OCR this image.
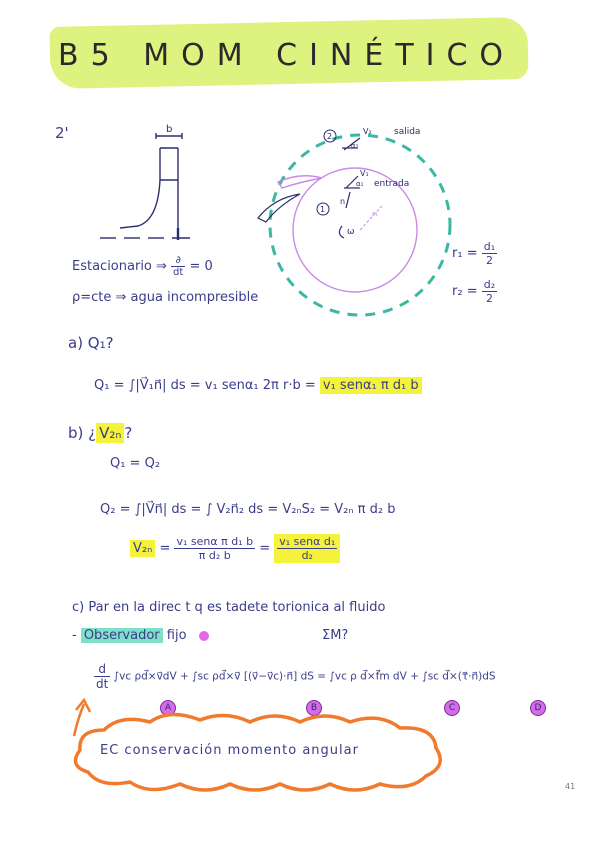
B5 MOM CINÉTICO
2'	b
1
2	salida
entrada
V₂
V₁
α₂
α₁
n
ω
r₁
Estacionario ⇒ $\frac{\partial}{dt} = 0$
ρ=cte ⇒ agua incompresible
$r_1 = \frac{\text{d₁}}{2}$
$r_2 = \frac{\text{d₂}}{2}$
a) Q₁?
Q₁ = ∫|V⃗₁n⃗| ds = v₁ senα₁ 2π r·b = v₁ senα₁ π d₁ b
b) ¿ V₂ₙ ?
Q₁ = Q₂
Q₂ = ∫|V⃗n⃗| ds = ∫ V₂n⃗₂ ds = V₂ₙS₂ = V₂ₙ π d₂ b
$V_{2n} = \frac{\text{v₁ senα π d₁ b}}{\text{π d₂ b}} = \frac{\text{v₁ senα d₁}}{\text{d₂}}$
c) Par en la direc t q es tadete torionica al fluido
- Observador fijo	ΣM?
$\frac{d}{dt} \int vc$ ρd⃗×v⃗dV + ∫sc ρd⃗×v⃗ [(v⃗−v⃗c)·n⃗] dS = ∫vc ρ d⃗×f⃗m dV + ∫sc d⃗×(τ⃗·n⃗)dS
A	B	C	D
EC conservación momento angular
41
